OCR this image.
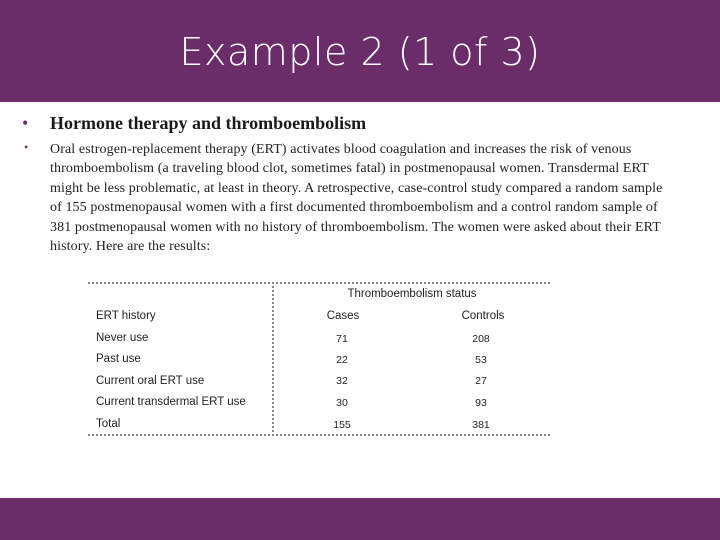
Example 2 (1 of 3)
• Hormone therapy and thromboembolism
• Oral estrogen-replacement therapy (ERT) activates blood coagulation and increases the risk of venous thromboembolism (a traveling blood clot, sometimes fatal) in postmenopausal women. Transdermal ERT might be less problematic, at least in theory. A retrospective, case-control study compared a random sample of 155 postmenopausal women with a first documented thromboembolism and a control random sample of 381 postmenopausal women with no history of thromboembolism. The women were asked about their ERT history. Here are the results:
Thromboembolism status
ERT history	Cases	Controls
Never use	71	208
Past use	22	53
Current oral ERT use	32	27
Current transdermal ERT use	30	93
Total	155	381
